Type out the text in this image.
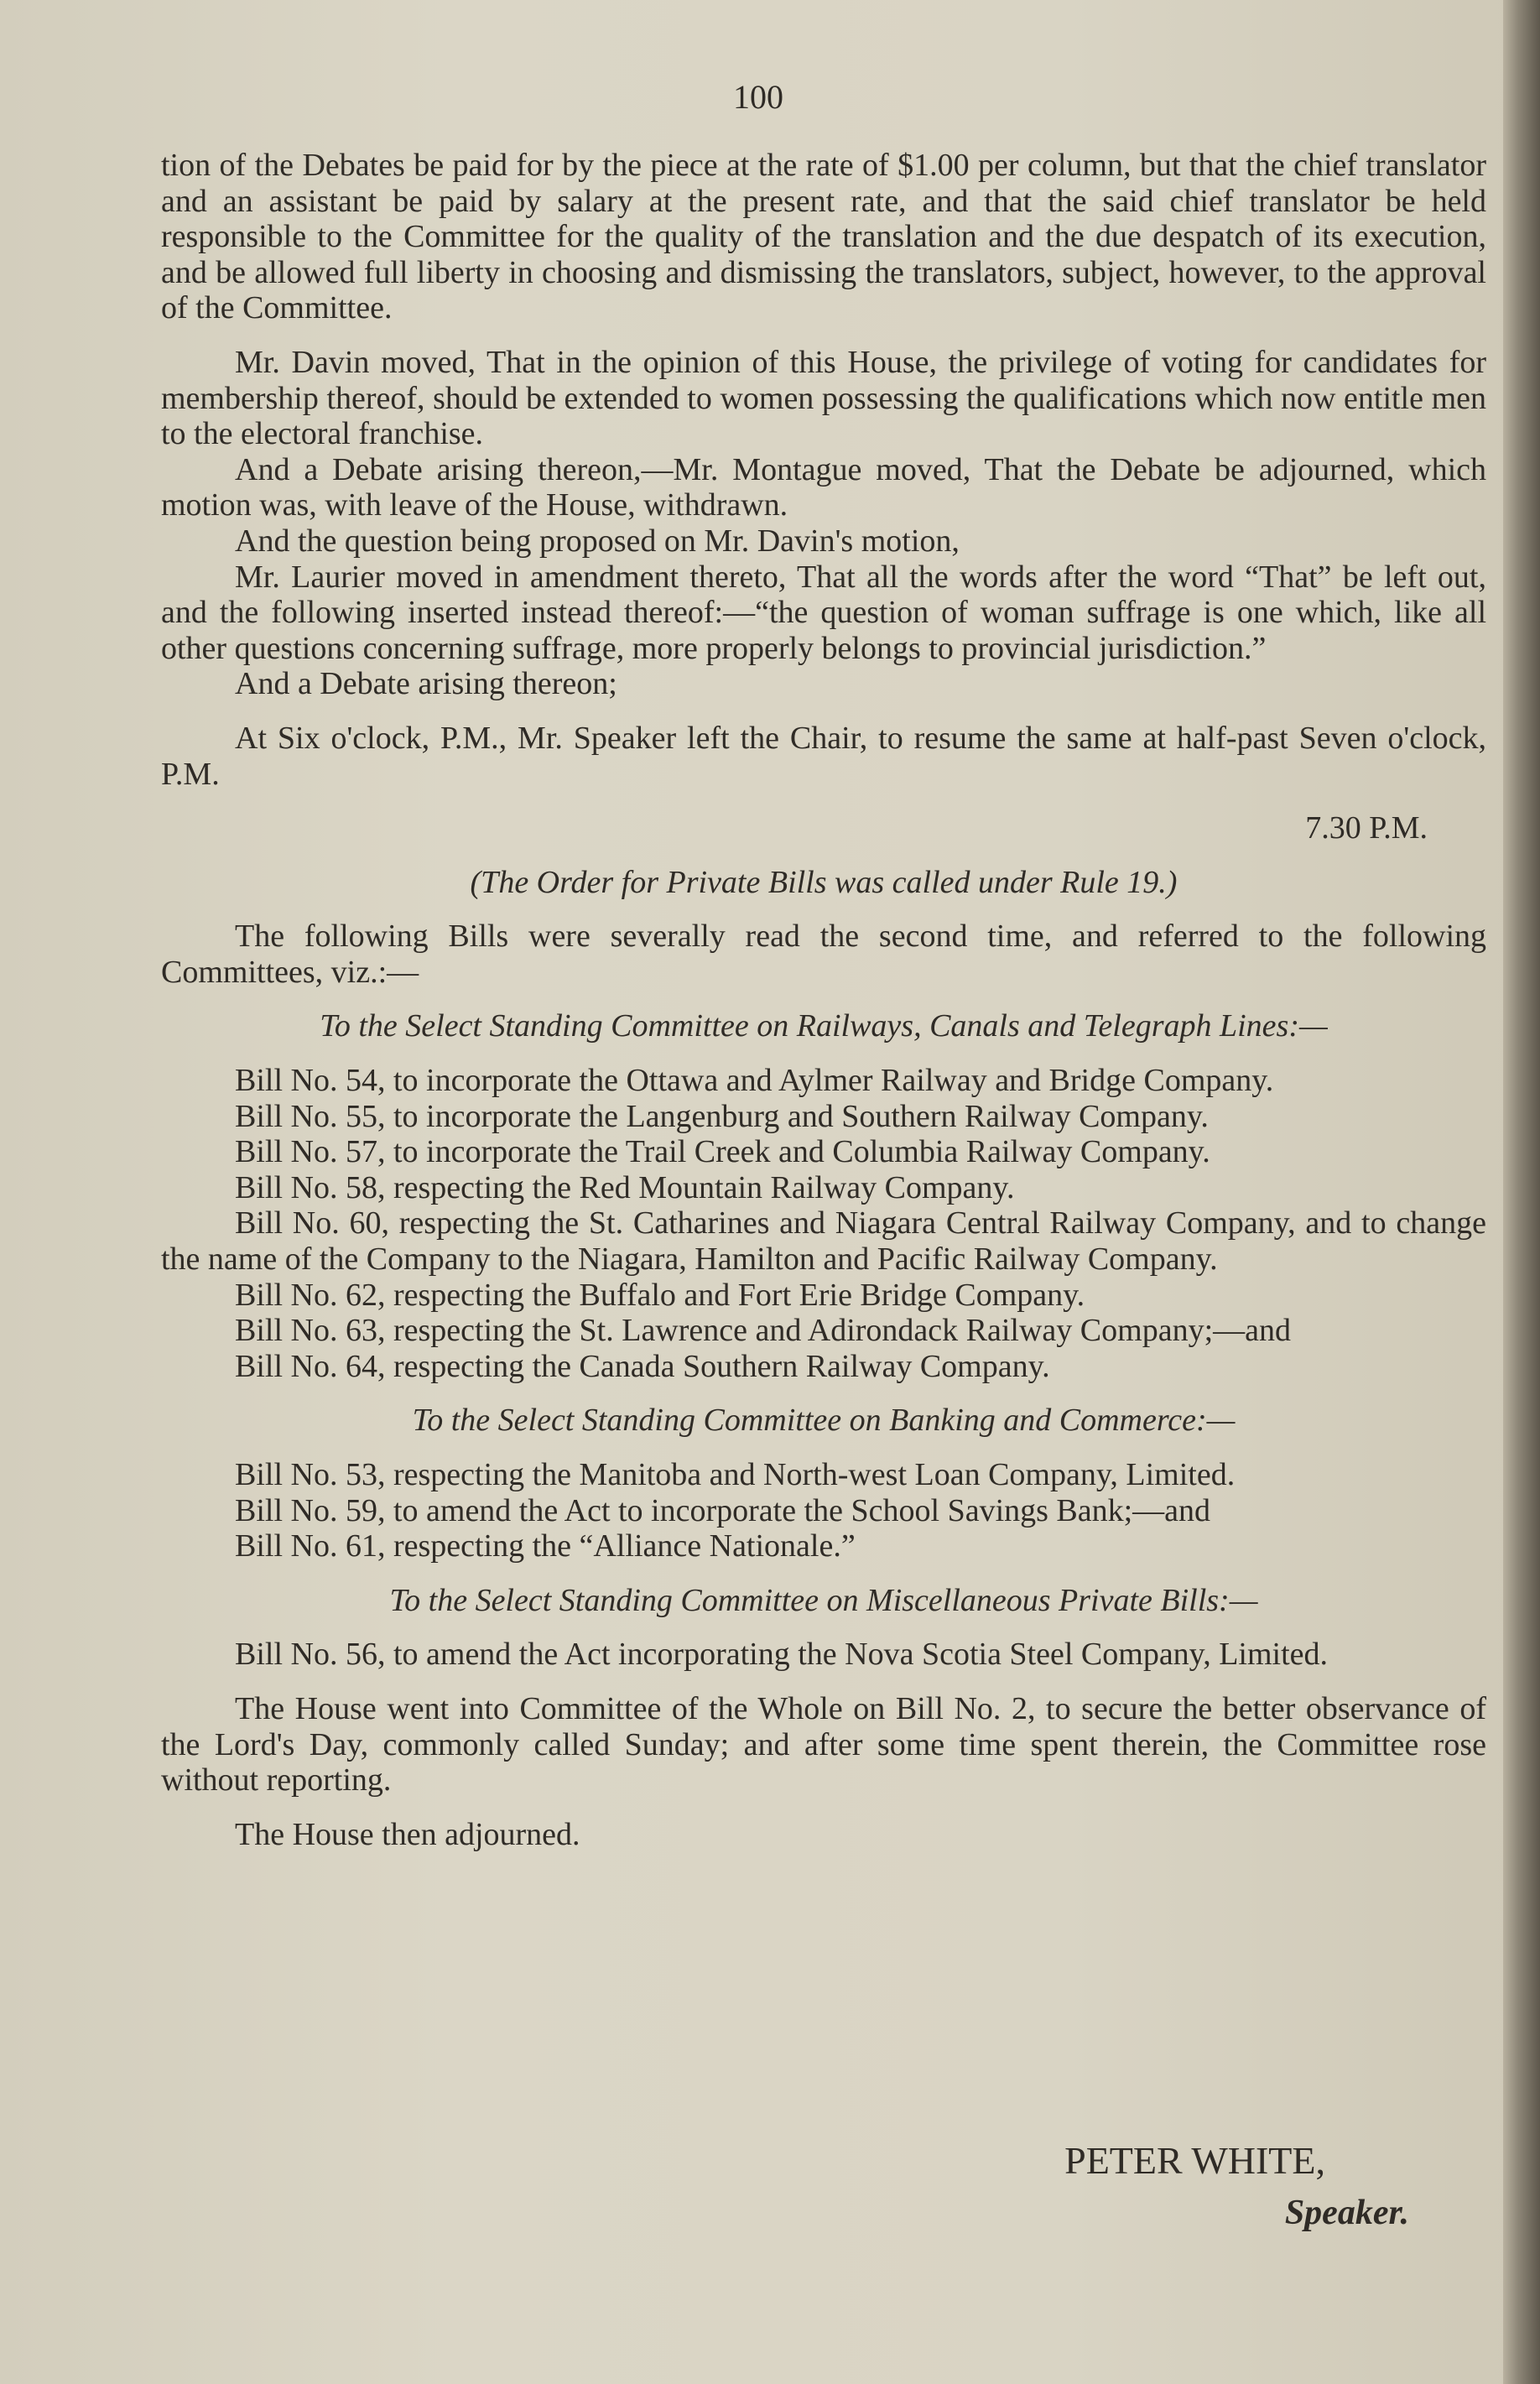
100

tion of the Debates be paid for by the piece at the rate of $1.00 per column, but that the chief translator and an assistant be paid by salary at the present rate, and that the said chief translator be held responsible to the Committee for the quality of the translation and the due despatch of its execution, and be allowed full liberty in choosing and dismissing the translators, subject, however, to the approval of the Committee.

Mr. Davin moved, That in the opinion of this House, the privilege of voting for candidates for membership thereof, should be extended to women possessing the qualifications which now entitle men to the electoral franchise.

And a Debate arising thereon,—Mr. Montague moved, That the Debate be adjourned, which motion was, with leave of the House, withdrawn.

And the question being proposed on Mr. Davin's motion,

Mr. Laurier moved in amendment thereto, That all the words after the word “That” be left out, and the following inserted instead thereof:—“the question of woman suffrage is one which, like all other questions concerning suffrage, more properly belongs to provincial jurisdiction.”

And a Debate arising thereon;

At Six o'clock, P.M., Mr. Speaker left the Chair, to resume the same at half-past Seven o'clock, P.M.

7.30 P.M.

(The Order for Private Bills was called under Rule 19.)

The following Bills were severally read the second time, and referred to the following Committees, viz.:—

To the Select Standing Committee on Railways, Canals and Telegraph Lines:—

Bill No. 54, to incorporate the Ottawa and Aylmer Railway and Bridge Company.

Bill No. 55, to incorporate the Langenburg and Southern Railway Company.

Bill No. 57, to incorporate the Trail Creek and Columbia Railway Company.

Bill No. 58, respecting the Red Mountain Railway Company.

Bill No. 60, respecting the St. Catharines and Niagara Central Railway Company, and to change the name of the Company to the Niagara, Hamilton and Pacific Railway Company.

Bill No. 62, respecting the Buffalo and Fort Erie Bridge Company.

Bill No. 63, respecting the St. Lawrence and Adirondack Railway Company;—and

Bill No. 64, respecting the Canada Southern Railway Company.

To the Select Standing Committee on Banking and Commerce:—

Bill No. 53, respecting the Manitoba and North-west Loan Company, Limited.

Bill No. 59, to amend the Act to incorporate the School Savings Bank;—and

Bill No. 61, respecting the “Alliance Nationale.”

To the Select Standing Committee on Miscellaneous Private Bills:—

Bill No. 56, to amend the Act incorporating the Nova Scotia Steel Company, Limited.

The House went into Committee of the Whole on Bill No. 2, to secure the better observance of the Lord's Day, commonly called Sunday; and after some time spent therein, the Committee rose without reporting.

The House then adjourned.

PETER WHITE,
Speaker.
